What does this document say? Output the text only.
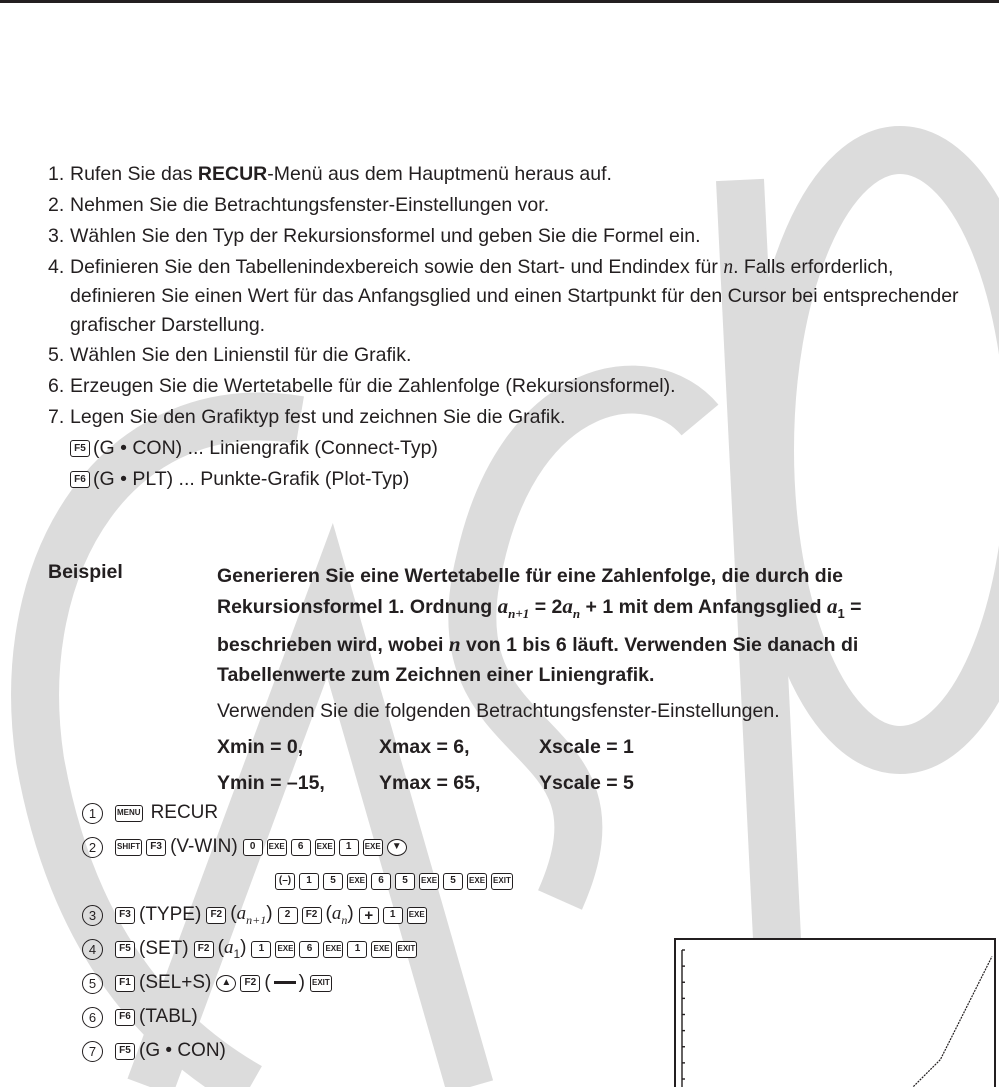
1. Rufen Sie das RECUR-Menü aus dem Hauptmenü heraus auf.
2. Nehmen Sie die Betrachtungsfenster-Einstellungen vor.
3. Wählen Sie den Typ der Rekursionsformel und geben Sie die Formel ein.
4. Definieren Sie den Tabellenindexbereich sowie den Start- und Endindex für n. Falls erforderlich, definieren Sie einen Wert für das Anfangsglied und einen Startpunkt für den Cursor bei entsprechender grafischer Darstellung.
5. Wählen Sie den Linienstil für die Grafik.
6. Erzeugen Sie die Wertetabelle für die Zahlenfolge (Rekursionsformel).
7. Legen Sie den Grafiktyp fest und zeichnen Sie die Grafik.
F5 (G • CON) ... Liniengrafik (Connect-Typ)
F6 (G • PLT) ... Punkte-Grafik (Plot-Typ)
Beispiel	Generieren Sie eine Wertetabelle für eine Zahlenfolge, die durch die
Rekursionsformel 1. Ordnung $a_{n+1} = 2a_n + 1$ mit dem Anfangsglied $a_1$ =
beschrieben wird, wobei n von 1 bis 6 läuft. Verwenden Sie danach di
Tabellenwerte zum Zeichnen einer Liniengrafik.
Verwenden Sie die folgenden Betrachtungsfenster-Einstellungen.
Xmin = 0,	Xmax = 6,	Xscale = 1
Ymin = –15,	Ymax = 65,	Yscale = 5
1	MENU RECUR
2	SHIFT	F3 (V-WIN)	0	EXE	6	EXE	1	EXE	▼
(–)	1	5	EXE	6	5	EXE	5	EXE EXIT
3	F3 (TYPE) F2 $(a_{n+1})$	2	F2 $(a_n)$ +	1	EXE
4	F5 (SET) F2 $(a_1)$	1	EXE	6	EXE	1	EXE EXIT
5	F1 (SEL+S)	▲	F2 ( ) EXIT
6	F6 (TABL)
7	F5 (G • CON)
